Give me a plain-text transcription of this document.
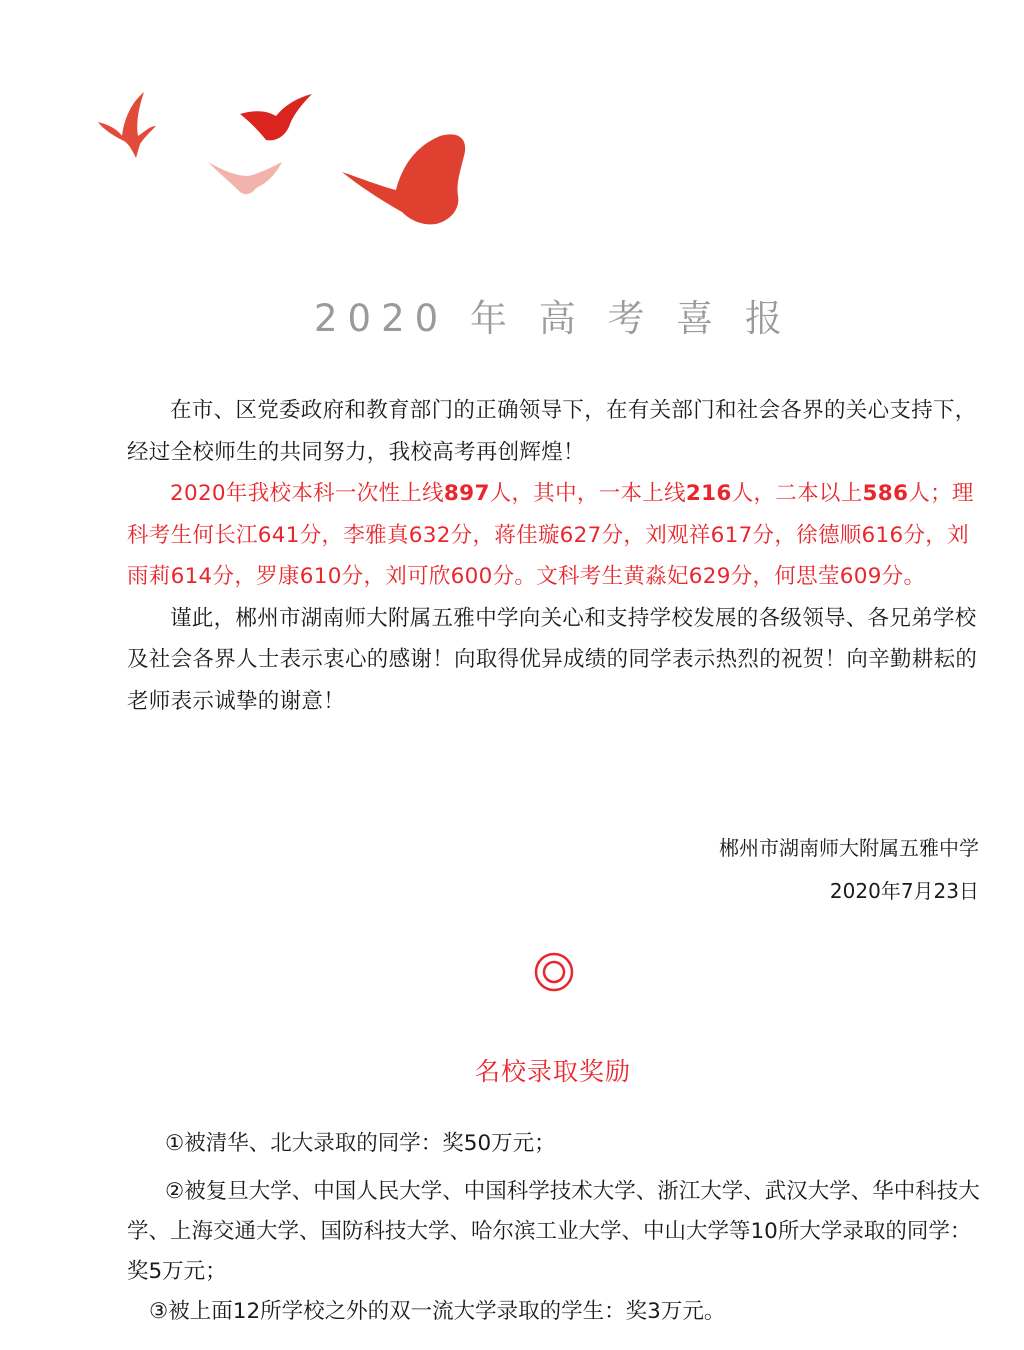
2020 年 高 考 喜 报

在市、区党委政府和教育部门的正确领导下，在有关部门和社会各界的关心支持下，经过全校师生的共同努力，我校高考再创辉煌！

2020年我校本科一次性上线897人，其中，一本上线216人，二本以上586人；理科考生何长江641分，李雅真632分，蒋佳璇627分，刘观祥617分，徐德顺616分，刘雨莉614分，罗康610分，刘可欣600分。文科考生黄淼妃629分，何思莹609分。

谨此，郴州市湖南师大附属五雅中学向关心和支持学校发展的各级领导、各兄弟学校及社会各界人士表示衷心的感谢！向取得优异成绩的同学表示热烈的祝贺！向辛勤耕耘的老师表示诚挚的谢意！

郴州市湖南师大附属五雅中学
2020年7月23日
名校录取奖励

①被清华、北大录取的同学：奖50万元；

②被复旦大学、中国人民大学、中国科学技术大学、浙江大学、武汉大学、华中科技大学、上海交通大学、国防科技大学、哈尔滨工业大学、中山大学等10所大学录取的同学：奖5万元；

③被上面12所学校之外的双一流大学录取的学生：奖3万元。
